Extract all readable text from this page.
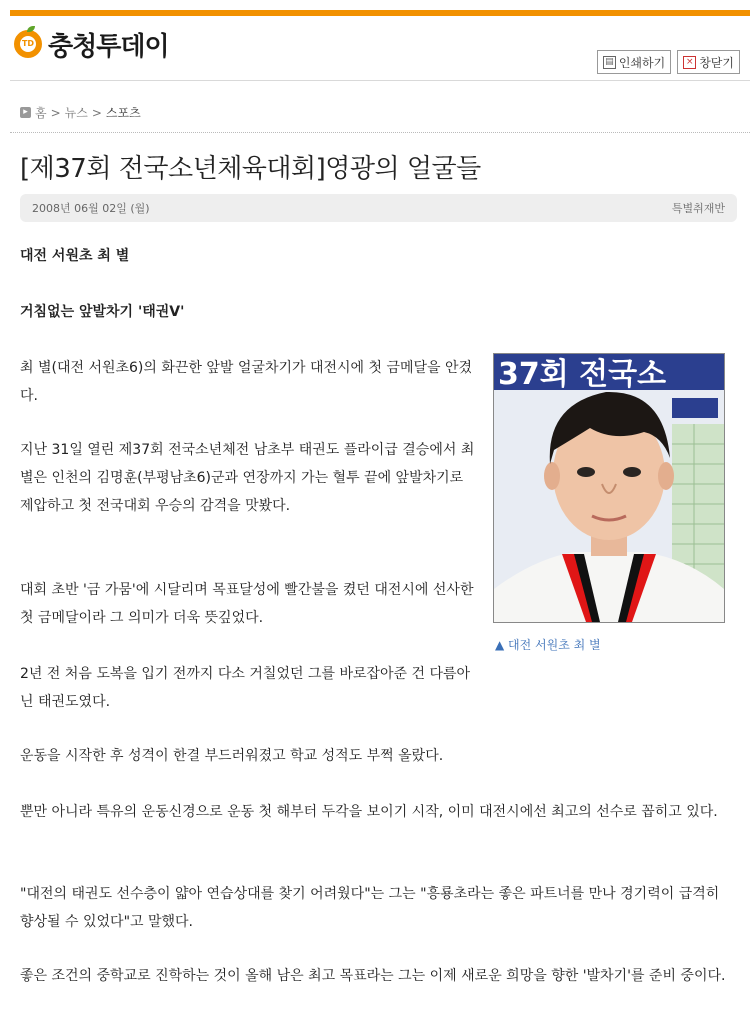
TD 충청투데이	▤ 인쇄하기	× 창닫기
▸ 홈 > 뉴스 > 스포츠
[제37회 전국소년체육대회]영광의 얼굴들
2008년 06월 02일 (월)	특별취재반

대전 서원초 최 별

거침없는 앞발차기 '태권V'

최 별(대전 서원초6)의 화끈한 앞발 얼굴차기가 대전시에 첫 금메달을 안겼다.

지난 31일 열린 제37회 전국소년체전 남초부 태권도 플라이급 결승에서 최 별은 인천의 김명훈(부평남초6)군과 연장까지 가는 혈투 끝에 앞발차기로 제압하고 첫 전국대회 우승의 감격을 맛봤다.

대회 초반 '금 가뭄'에 시달리며 목표달성에 빨간불을 켰던 대전시에 선사한 첫 금메달이라 그 의미가 더욱 뜻깊었다.

2년 전 처음 도복을 입기 전까지 다소 거칠었던 그를 바로잡아준 건 다름아닌 태권도였다.

운동을 시작한 후 성격이 한결 부드러워졌고 학교 성적도 부쩍 올랐다.

뿐만 아니라 특유의 운동신경으로 운동 첫 해부터 두각을 보이기 시작, 이미 대전시에선 최고의 선수로 꼽히고 있다.

"대전의 태권도 선수층이 얇아 연습상대를 찾기 어려웠다"는 그는 "흥룡초라는 좋은 파트너를 만나 경기력이 급격히 향상될 수 있었다"고 말했다.

좋은 조건의 중학교로 진학하는 것이 올해 남은 최고 목표라는 그는 이제 새로운 희망을 향한 '발차기'를 준비 중이다.

37회 전국소
▲ 대전 서원초 최 별
